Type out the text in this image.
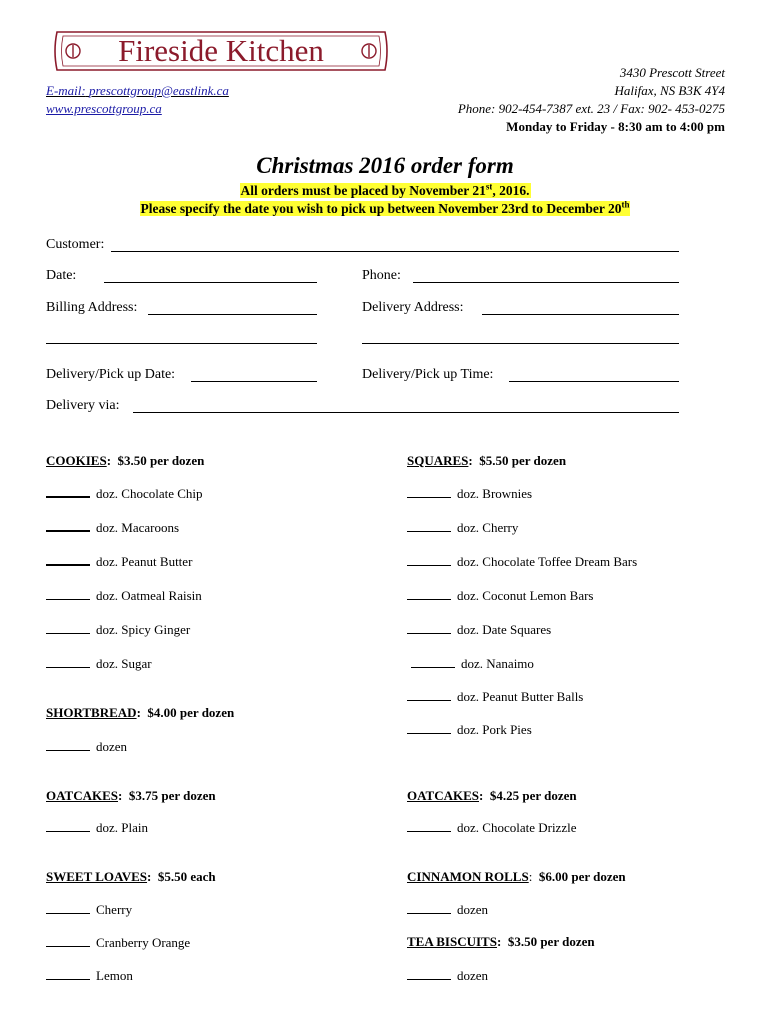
Fireside Kitchen
E-mail: prescottgroup@eastlink.ca
www.prescottgroup.ca
3430 Prescott Street
Halifax, NS B3K 4Y4
Phone: 902-454-7387 ext. 23 / Fax: 902- 453-0275
Monday to Friday - 8:30 am to 4:00 pm
Christmas 2016 order form
All orders must be placed by November 21st, 2016.
Please specify the date you wish to pick up between November 23rd to December 20th
Customer:
Date:	Phone:
Billing Address:	Delivery Address:
Delivery/Pick up Date:	Delivery/Pick up Time:
Delivery via:
COOKIES:  $3.50 per dozen
doz. Chocolate Chip
doz. Macaroons
doz. Peanut Butter
doz. Oatmeal Raisin
doz. Spicy Ginger
doz. Sugar
SQUARES:  $5.50 per dozen
doz. Brownies
doz. Cherry
doz. Chocolate Toffee Dream Bars
doz. Coconut Lemon Bars
doz. Date Squares
doz. Nanaimo
doz. Peanut Butter Balls
doz. Pork Pies
SHORTBREAD:  $4.00 per dozen
dozen
OATCAKES:  $3.75 per dozen
doz. Plain
OATCAKES:  $4.25 per dozen
doz. Chocolate Drizzle
SWEET LOAVES:  $5.50 each
Cherry
Cranberry Orange
Lemon
CINNAMON ROLLS: $6.00 per dozen
dozen
TEA BISCUITS:  $3.50 per dozen
dozen
